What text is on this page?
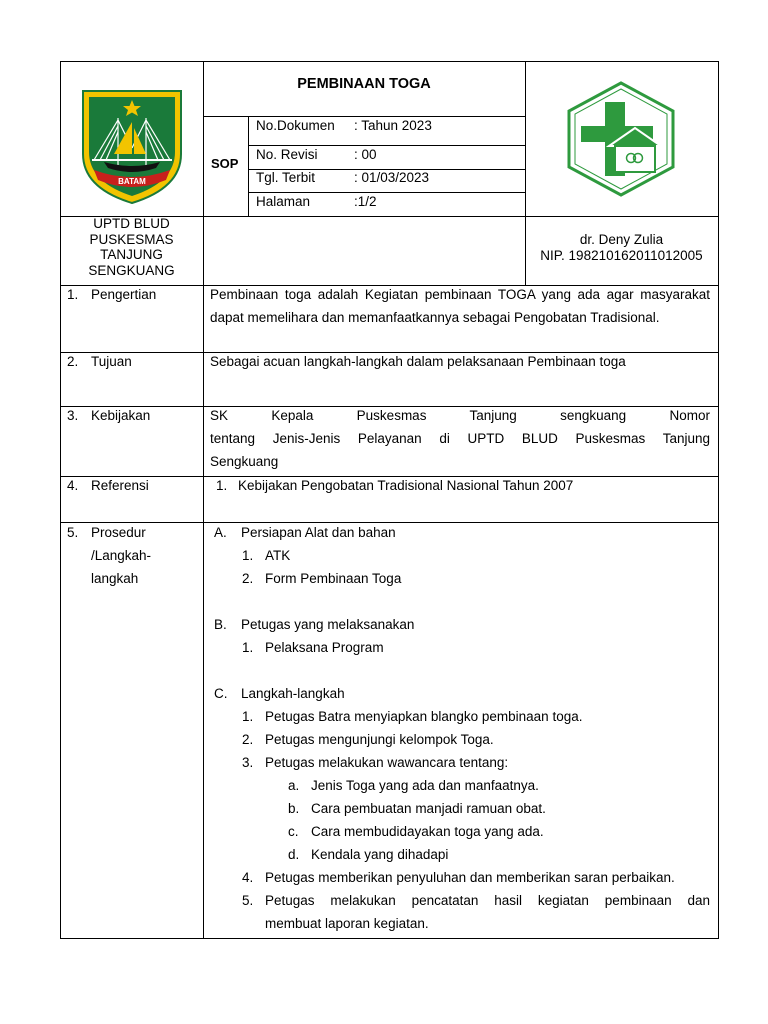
BATAM
PEMBINAAN TOGA
SOP
No.Dokumen : Tahun 2023
No. Revisi	: 00
Tgl. Terbit	: 01/03/2023
Halaman	:1/2
UPTD BLUD
PUSKESMAS
TANJUNG
SENGKUANG
dr. Deny Zulia
NIP. 198210162011012005
1. Pengertian	Pembinaan toga adalah Kegiatan pembinaan TOGA yang ada agar masyarakat
dapat memelihara dan memanfaatkannya sebagai Pengobatan Tradisional.
2. Tujuan	Sebagai acuan langkah-langkah dalam pelaksanaan Pembinaan toga
3. Kebijakan	SK Kepala Puskesmas Tanjung sengkuang Nomor
tentang Jenis-Jenis Pelayanan di UPTD BLUD Puskesmas Tanjung
Sengkuang
4. Referensi	1. Kebijakan Pengobatan Tradisional Nasional Tahun 2007
5. Prosedur
/Langkah-
langkah
A. Persiapan Alat dan bahan
1. ATK
2. Form Pembinaan Toga
B. Petugas yang melaksanakan
1. Pelaksana Program
C. Langkah-langkah
1. Petugas Batra menyiapkan blangko pembinaan toga.
2. Petugas mengunjungi kelompok Toga.
3. Petugas melakukan wawancara tentang:
a. Jenis Toga yang ada dan manfaatnya.
b. Cara pembuatan manjadi ramuan obat.
c. Cara membudidayakan toga yang ada.
d. Kendala yang dihadapi
4. Petugas memberikan penyuluhan dan memberikan saran perbaikan.
5. Petugas melakukan pencatatan hasil kegiatan pembinaan dan
membuat laporan kegiatan.
